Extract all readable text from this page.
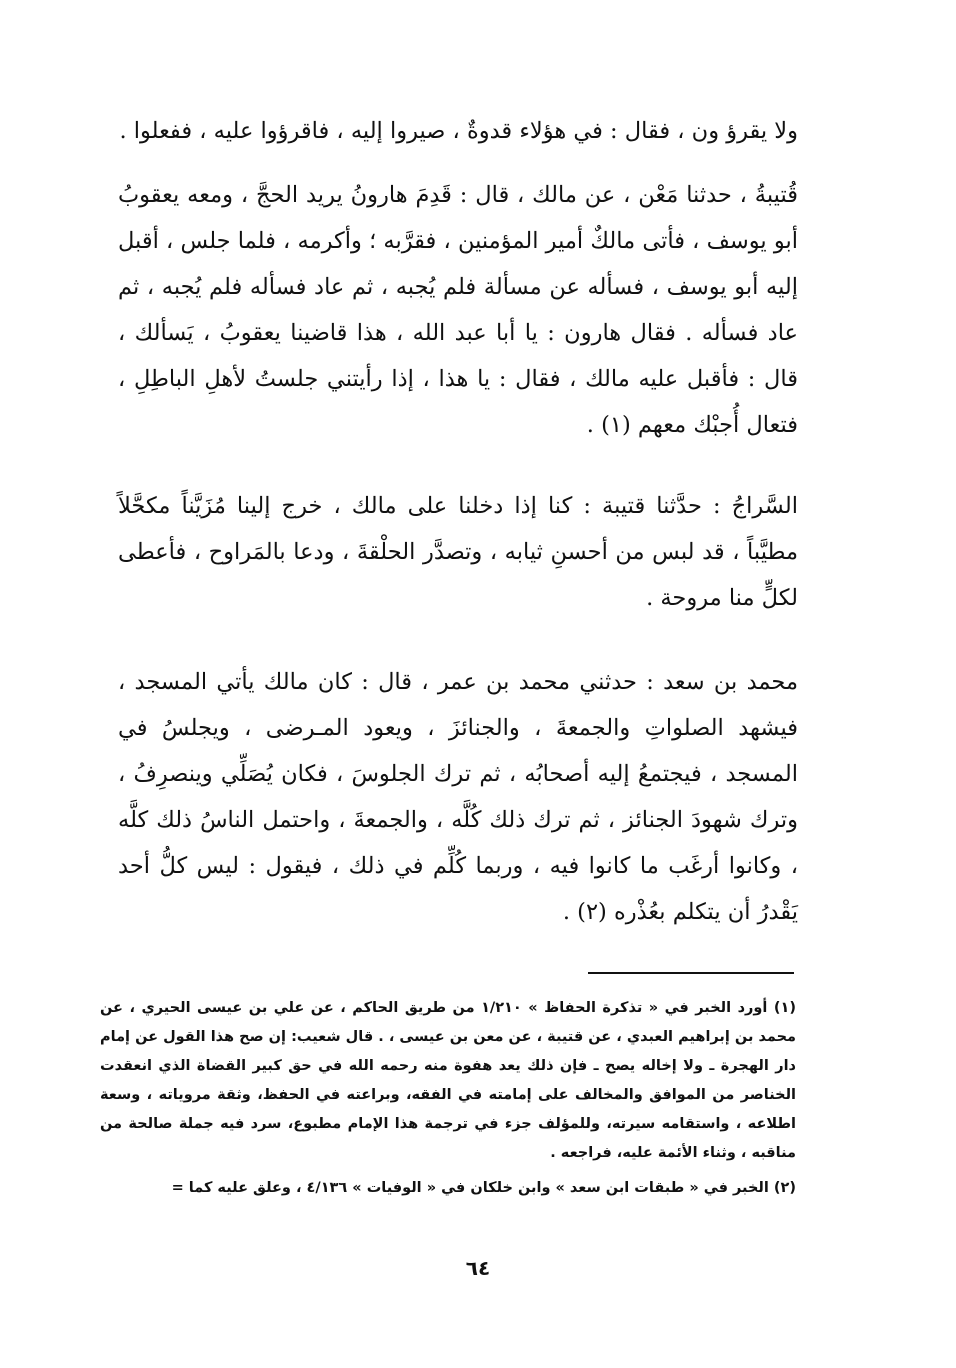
ولا يقرؤ ون ، فقال : في هؤلاء قدوةٌ ، صيروا إليه ، فاقرؤوا عليه ، ففعلوا .

قُتيبةُ ، حدثنا مَعْن ، عن مالك ، قال : قَدِمَ هارونُ يريد الحجَّ ، ومعه يعقوبُ أبو يوسف ، فأتى مالكٌ أمير المؤمنين ، فقرَّبه ؛ وأكرمه ، فلما جلس ، أقبل إليه أبو يوسف ، فسأله عن مسألة فلم يُجبه ، ثم عاد فسأله فلم يُجبه ، ثم عاد فسأله . فقال هارون : يا أبا عبد الله ، هذا قاضينا يعقوبُ ، يَسألك ، قال : فأقبل عليه مالك ، فقال : يا هذا ، إذا رأيتني جلستُ لأهلِ الباطِلِ ، فتعال أُجبْك معهم (١) .

السَّراجُ : حدَّثنا قتيبة : كنا إذا دخلنا على مالك ، خرج إلينا مُزَيَّناً مكحَّلاً مطيَّباً ، قد لبس من أحسنِ ثيابه ، وتصدَّر الحلْقةَ ، ودعا بالمَراوح ، فأعطى لكلٍّ منا مروحة .

محمد بن سعد : حدثني محمد بن عمر ، قال : كان مالك يأتي المسجد ، فيشهد الصلواتِ والجمعةَ ، والجنائزَ ، ويعود المـرضى ، ويجلسُ في المسجد ، فيجتمعُ إليه أصحابُه ، ثم ترك الجلوسَ ، فكان يُصَلِّي وينصرِفُ ، وترك شهودَ الجنائز ، ثم ترك ذلك كُلَّه ، والجمعةَ ، واحتمل الناسُ ذلك كلَّه ، وكانوا أرغَب ما كانوا فيه ، وربما كُلِّم في ذلك ، فيقول : ليس كلُّ أحد يَقْدرُ أن يتكلم بعُذْره (٢) .

(١) أورد الخبر في « تذكرة الحفاظ » ١/٢١٠ من طريق الحاكم ، عن علي بن عيسى الحيري ، عن محمد بن إبراهيم العبدي ، عن قتيبة ، عن معن بن عيسى ، . قال شعيب: إن صح هذا القول عن إمام دار الهجرة ـ ولا إخاله يصح ـ فإن ذلك يعد هفوة منه رحمه الله في حق كبير القضاة الذي انعقدت الخناصر من الموافق والمخالف على إمامته في الفقه، وبراعته في الحفظ، وثقة مروياته ، وسعة اطلاعه ، واستقامه سيرته، وللمؤلف جزء في ترجمة هذا الإمام مطبوع، سرد فيه جملة صالحة من مناقبه ، وثناء الأئمة عليه، فراجعه .

(٢) الخبر في « طبقات ابن سعد » وابن خلكان في « الوفيات » ٤/١٣٦ ، وعلق عليه كما =

٦٤
